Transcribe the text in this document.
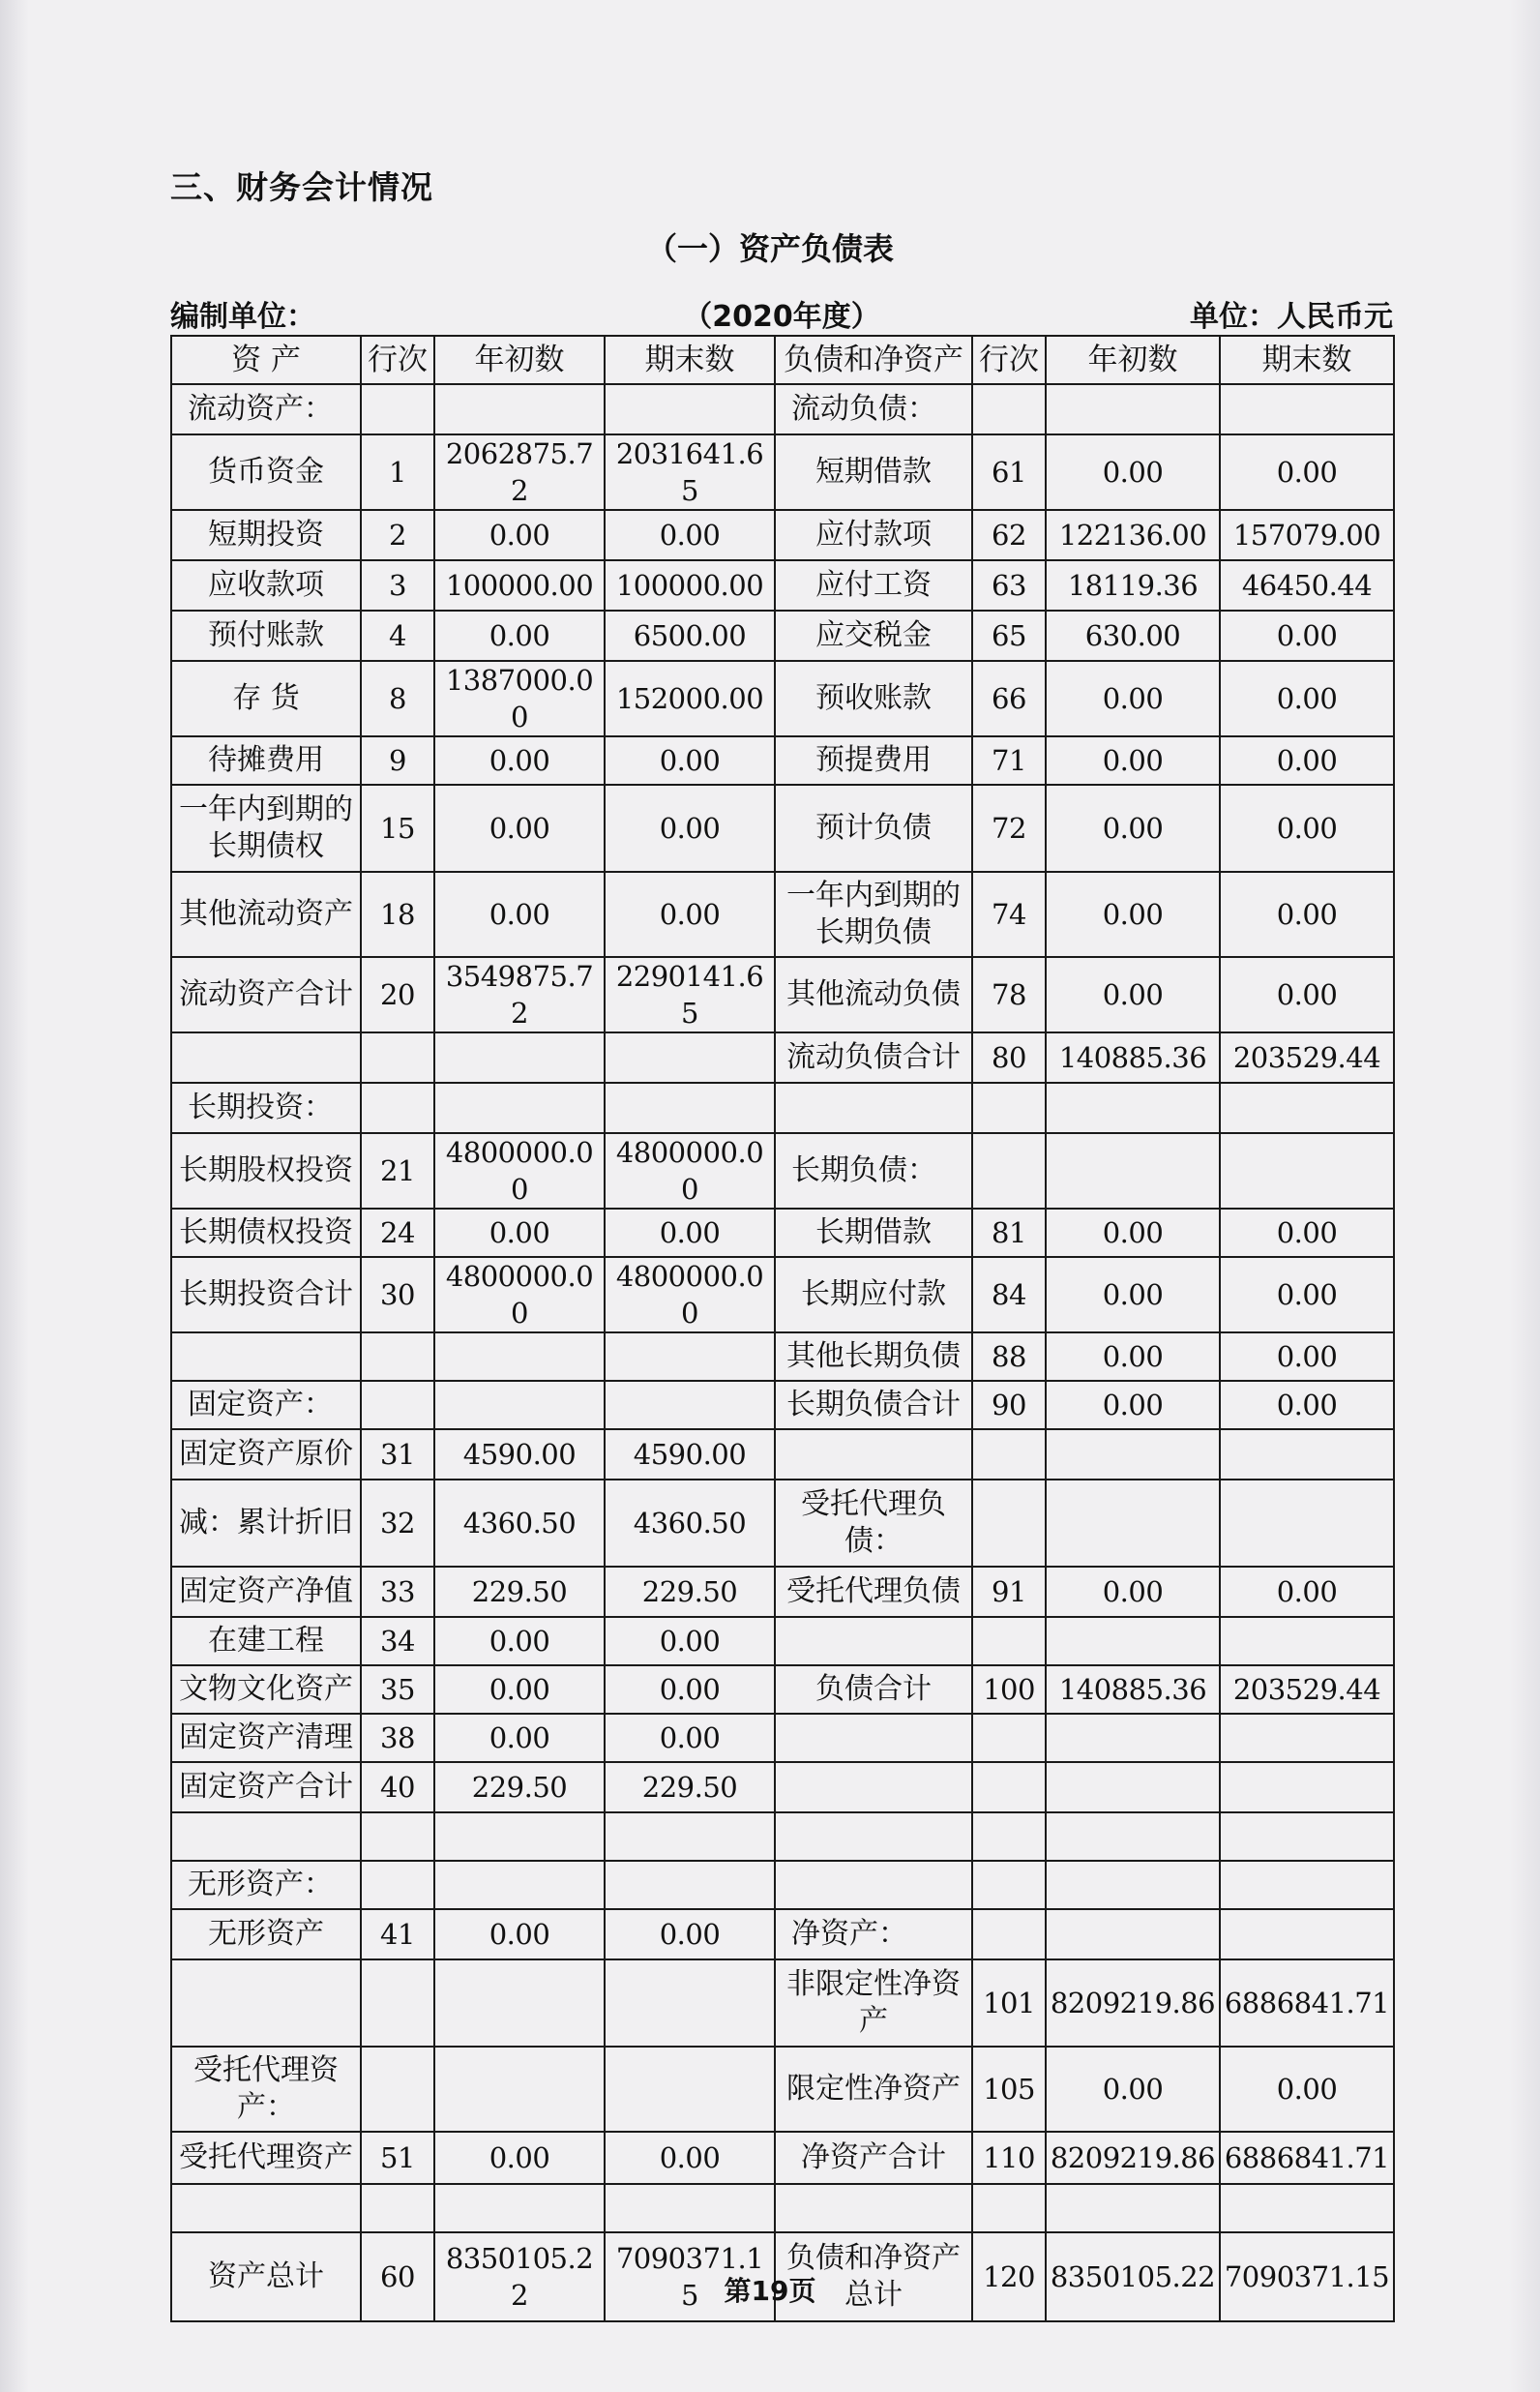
三、财务会计情况
（一）资产负债表
编制单位：	（2020年度）	单位：人民币元
资 产	行次	年初数	期末数	负债和净资产	行次	年初数	期末数
流动资产：				流动负债：			
货币资金	1	2062875.72	2031641.65	短期借款	61	0.00	0.00
短期投资	2	0.00	0.00	应付款项	62	122136.00	157079.00
应收款项	3	100000.00	100000.00	应付工资	63	18119.36	46450.44
预付账款	4	0.00	6500.00	应交税金	65	630.00	0.00
存 货	8	1387000.00	152000.00	预收账款	66	0.00	0.00
待摊费用	9	0.00	0.00	预提费用	71	0.00	0.00
一年内到期的长期债权	15	0.00	0.00	预计负债	72	0.00	0.00
其他流动资产	18	0.00	0.00	一年内到期的长期负债	74	0.00	0.00
流动资产合计	20	3549875.72	2290141.65	其他流动负债	78	0.00	0.00
				流动负债合计	80	140885.36	203529.44
长期投资：							
长期股权投资	21	4800000.00	4800000.00	长期负债：			
长期债权投资	24	0.00	0.00	长期借款	81	0.00	0.00
长期投资合计	30	4800000.00	4800000.00	长期应付款	84	0.00	0.00
				其他长期负债	88	0.00	0.00
固定资产：				长期负债合计	90	0.00	0.00
固定资产原价	31	4590.00	4590.00				
减：累计折旧	32	4360.50	4360.50	受托代理负债：			
固定资产净值	33	229.50	229.50	受托代理负债	91	0.00	0.00
在建工程	34	0.00	0.00				
文物文化资产	35	0.00	0.00	负债合计	100	140885.36	203529.44
固定资产清理	38	0.00	0.00				
固定资产合计	40	229.50	229.50				

无形资产：							
无形资产	41	0.00	0.00	净资产：			
				非限定性净资产	101	8209219.86	6886841.71
受托代理资产：				限定性净资产	105	0.00	0.00
受托代理资产	51	0.00	0.00	净资产合计	110	8209219.86	6886841.71

资产总计	60	8350105.22	7090371.15	负债和净资产总计	120	8350105.22	7090371.15
第19页
